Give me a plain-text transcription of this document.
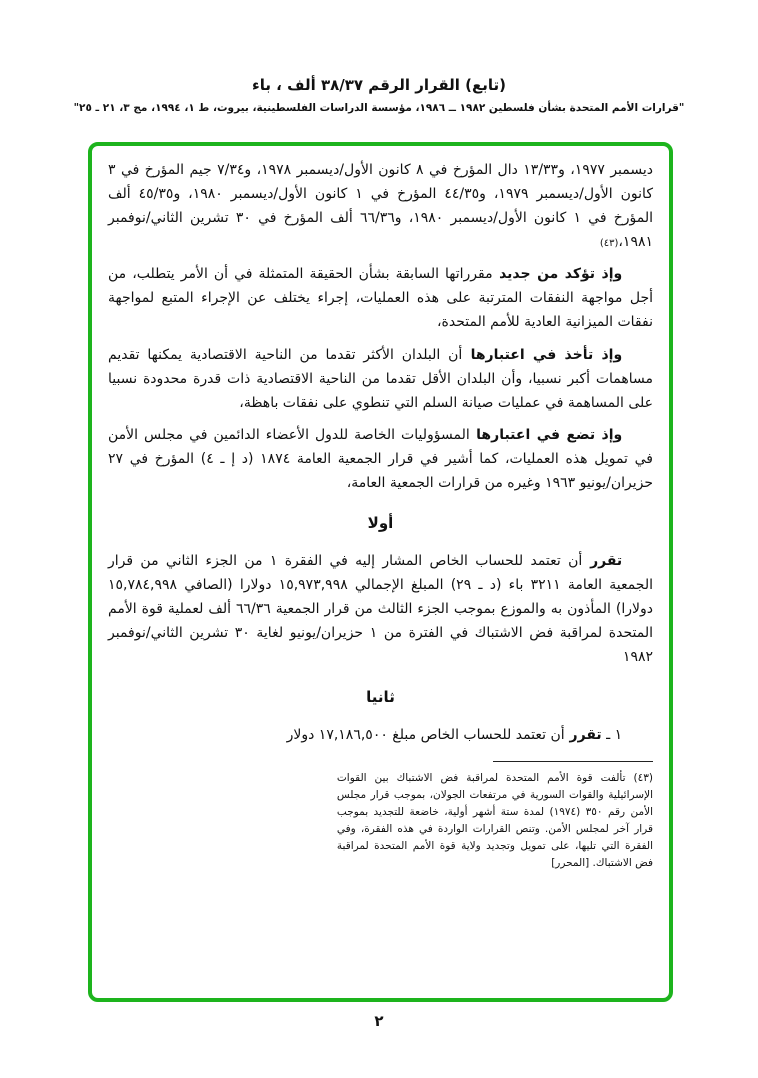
(تابع) القرار الرقم ٣٨/٣٧ ألف ، باء
"قرارات الأمم المتحدة بشأن فلسطين ١٩٨٢ ــ ١٩٨٦، مؤسسة الدراسات الفلسطينية، بيروت، ط ١، ١٩٩٤، مج ٣، ٢١ ـ ٢٥"

ديسمبر ١٩٧٧، و١٣/٣٣ دال المؤرخ في ٨ كانون الأول/ديسمبر ١٩٧٨، و٧/٣٤ جيم المؤرخ في ٣ كانون الأول/ديسمبر ١٩٧٩، و٤٤/٣٥ المؤرخ في ١ كانون الأول/ديسمبر ١٩٨٠، و٤٥/٣٥ ألف المؤرخ في ١ كانون الأول/ديسمبر ١٩٨٠، و٦٦/٣٦ ألف المؤرخ في ٣٠ تشرين الثاني/نوفمبر ١٩٨١،(٤٣)

وإذ تؤكد من جديد مقرراتها السابقة بشأن الحقيقة المتمثلة في أن الأمر يتطلب، من أجل مواجهة النفقات المترتبة على هذه العمليات، إجراء يختلف عن الإجراء المتبع لمواجهة نفقات الميزانية العادية للأمم المتحدة،

وإذ تأخذ في اعتبارها أن البلدان الأكثر تقدما من الناحية الاقتصادية يمكنها تقديم مساهمات أكبر نسبيا، وأن البلدان الأقل تقدما من الناحية الاقتصادية ذات قدرة محدودة نسبيا على المساهمة في عمليات صيانة السلم التي تنطوي على نفقات باهظة،

وإذ تضع في اعتبارها المسؤوليات الخاصة للدول الأعضاء الدائمين في مجلس الأمن في تمويل هذه العمليات، كما أشير في قرار الجمعية العامة ١٨٧٤ (د إ ـ ٤) المؤرخ في ٢٧ حزيران/يونيو ١٩٦٣ وغيره من قرارات الجمعية العامة،

أولا

تقرر أن تعتمد للحساب الخاص المشار إليه في الفقرة ١ من الجزء الثاني من قرار الجمعية العامة ٣٢١١ باء (د ـ ٢٩) المبلغ الإجمالي ١٥,٩٧٣,٩٩٨ دولارا (الصافي ١٥,٧٨٤,٩٩٨ دولارا) المأذون به والموزع بموجب الجزء الثالث من قرار الجمعية ٦٦/٣٦ ألف لعملية قوة الأمم المتحدة لمراقبة فض الاشتباك في الفترة من ١ حزيران/يونيو لغاية ٣٠ تشرين الثاني/نوفمبر ١٩٨٢

ثانيا

١ ـ تقرر أن تعتمد للحساب الخاص مبلغ ١٧,١٨٦,٥٠٠ دولار

(٤٣) تألفت قوة الأمم المتحدة لمراقبة فض الاشتباك بين القوات الإسرائيلية والقوات السورية في مرتفعات الجولان، بموجب قرار مجلس الأمن رقم ٣٥٠ (١٩٧٤) لمدة ستة أشهر أولية، خاضعة للتجديد بموجب قرار آخر لمجلس الأمن. وتنص القرارات الواردة في هذه الفقرة، وفي الفقرة التي تليها، على تمويل وتجديد ولاية قوة الأمم المتحدة لمراقبة فض الاشتباك. [المحرر]
٢
